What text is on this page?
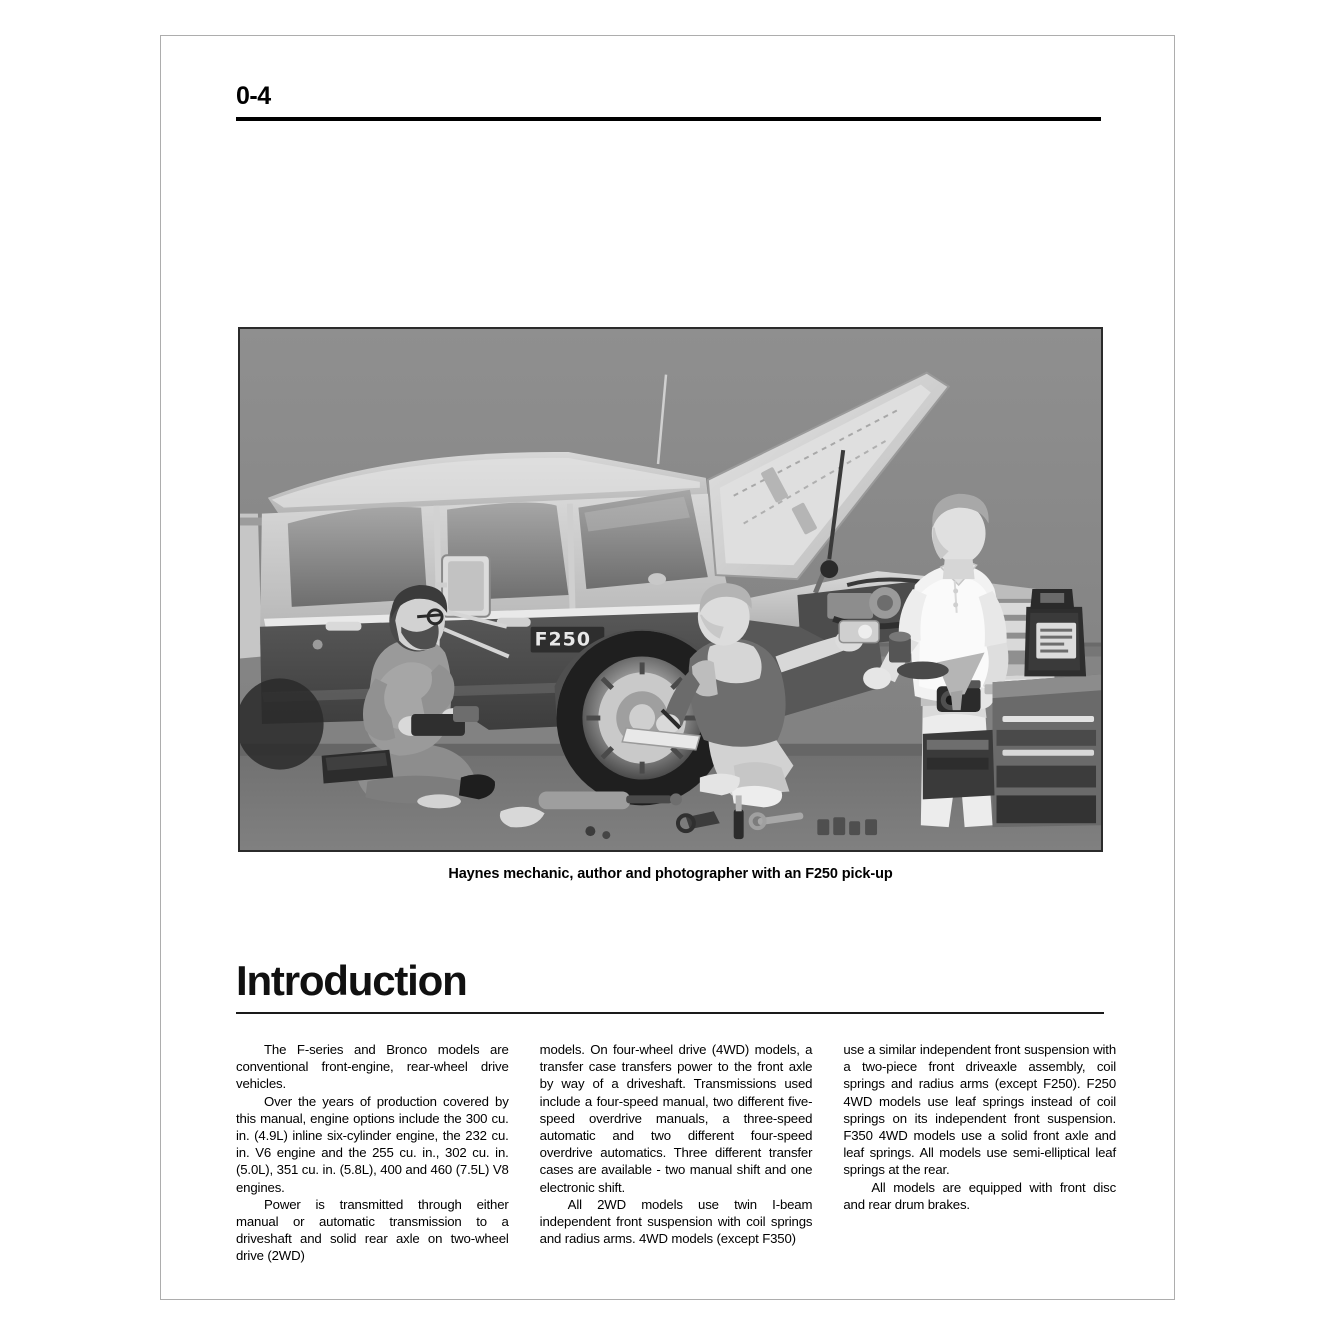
0-4
F250
Haynes mechanic, author and photographer with an F250 pick-up
Introduction

The F-series and Bronco models are conventional front-engine, rear-wheel drive vehicles.

Over the years of production covered by this manual, engine options include the 300 cu. in. (4.9L) inline six-cylinder engine, the 232 cu. in. V6 engine and the 255 cu. in., 302 cu. in. (5.0L), 351 cu. in. (5.8L), 400 and 460 (7.5L) V8 engines.

Power is transmitted through either manual or automatic transmission to a driveshaft and solid rear axle on two-wheel drive (2WD)

models. On four-wheel drive (4WD) models, a transfer case transfers power to the front axle by way of a driveshaft. Transmissions used include a four-speed manual, two different five-speed overdrive manuals, a three-speed automatic and two different four-speed overdrive automatics. Three different transfer cases are available - two manual shift and one electronic shift.

All 2WD models use twin I-beam independent front suspension with coil springs and radius arms. 4WD models (except F350)

use a similar independent front suspension with a two-piece front driveaxle assembly, coil springs and radius arms (except F250). F250 4WD models use leaf springs instead of coil springs on its independent front suspension. F350 4WD models use a solid front axle and leaf springs. All models use semi-elliptical leaf springs at the rear.

All models are equipped with front disc and rear drum brakes.
